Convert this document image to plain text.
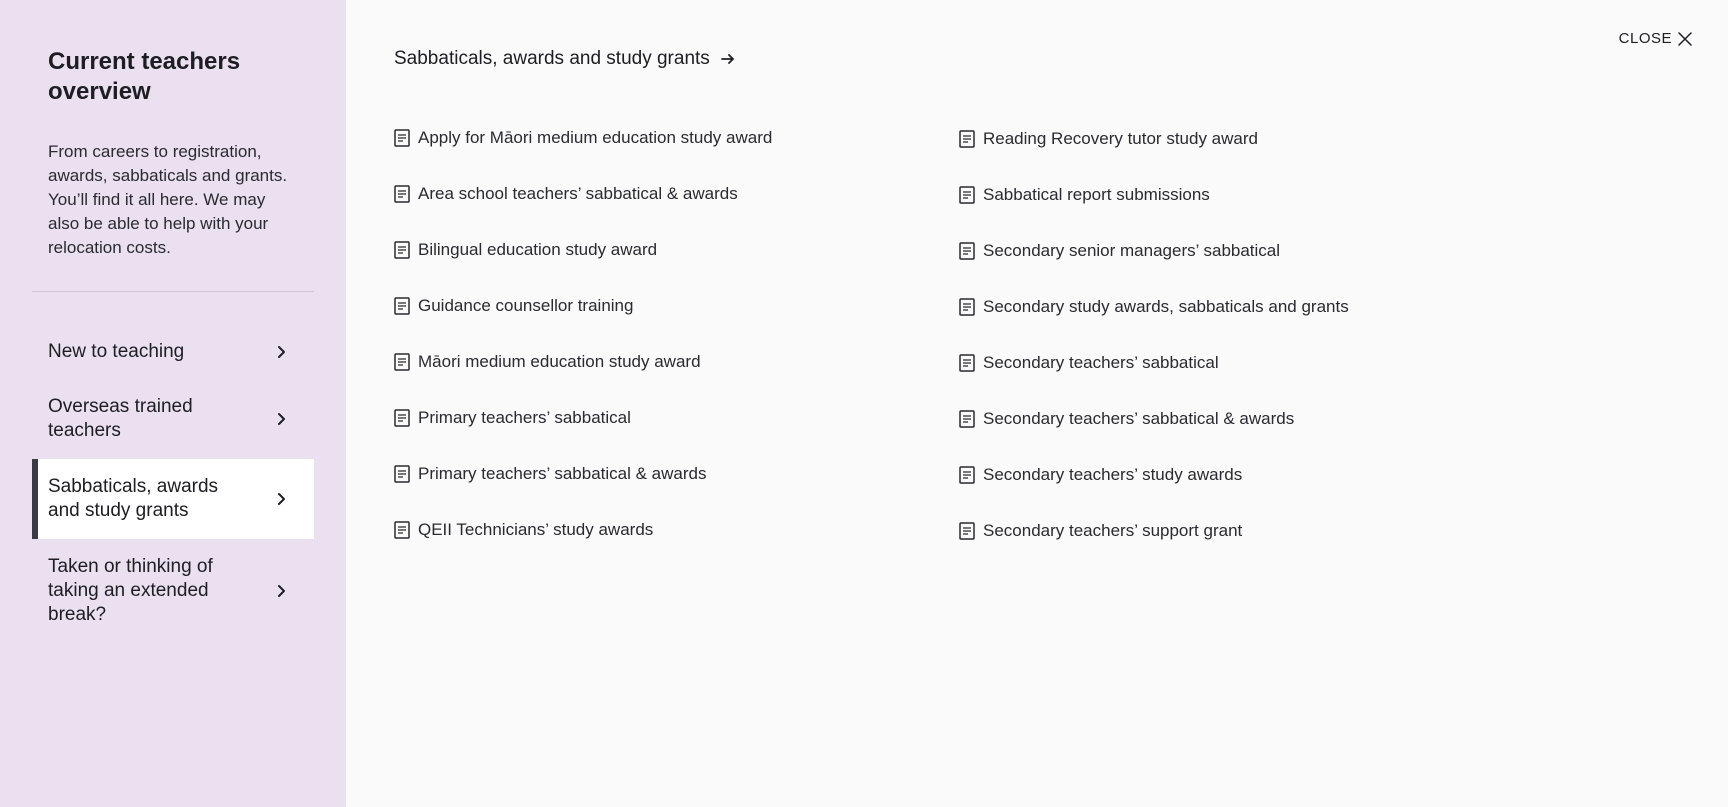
Current teachers overview

From careers to registration, awards, sabbaticals and grants. You’ll find it all here. We may also be able to help with your relocation costs.

New to teaching
Overseas trained teachers
Sabbaticals, awards and study grants
Taken or thinking of taking an extended break?
CLOSE
Sabbaticals, awards and study grants
Apply for Māori medium education study award
Area school teachers’ sabbatical & awards
Bilingual education study award
Guidance counsellor training
Māori medium education study award
Primary teachers’ sabbatical
Primary teachers’ sabbatical & awards
QEII Technicians’ study awards
Reading Recovery tutor study award
Sabbatical report submissions
Secondary senior managers’ sabbatical
Secondary study awards, sabbaticals and grants
Secondary teachers’ sabbatical
Secondary teachers’ sabbatical & awards
Secondary teachers’ study awards
Secondary teachers’ support grant
